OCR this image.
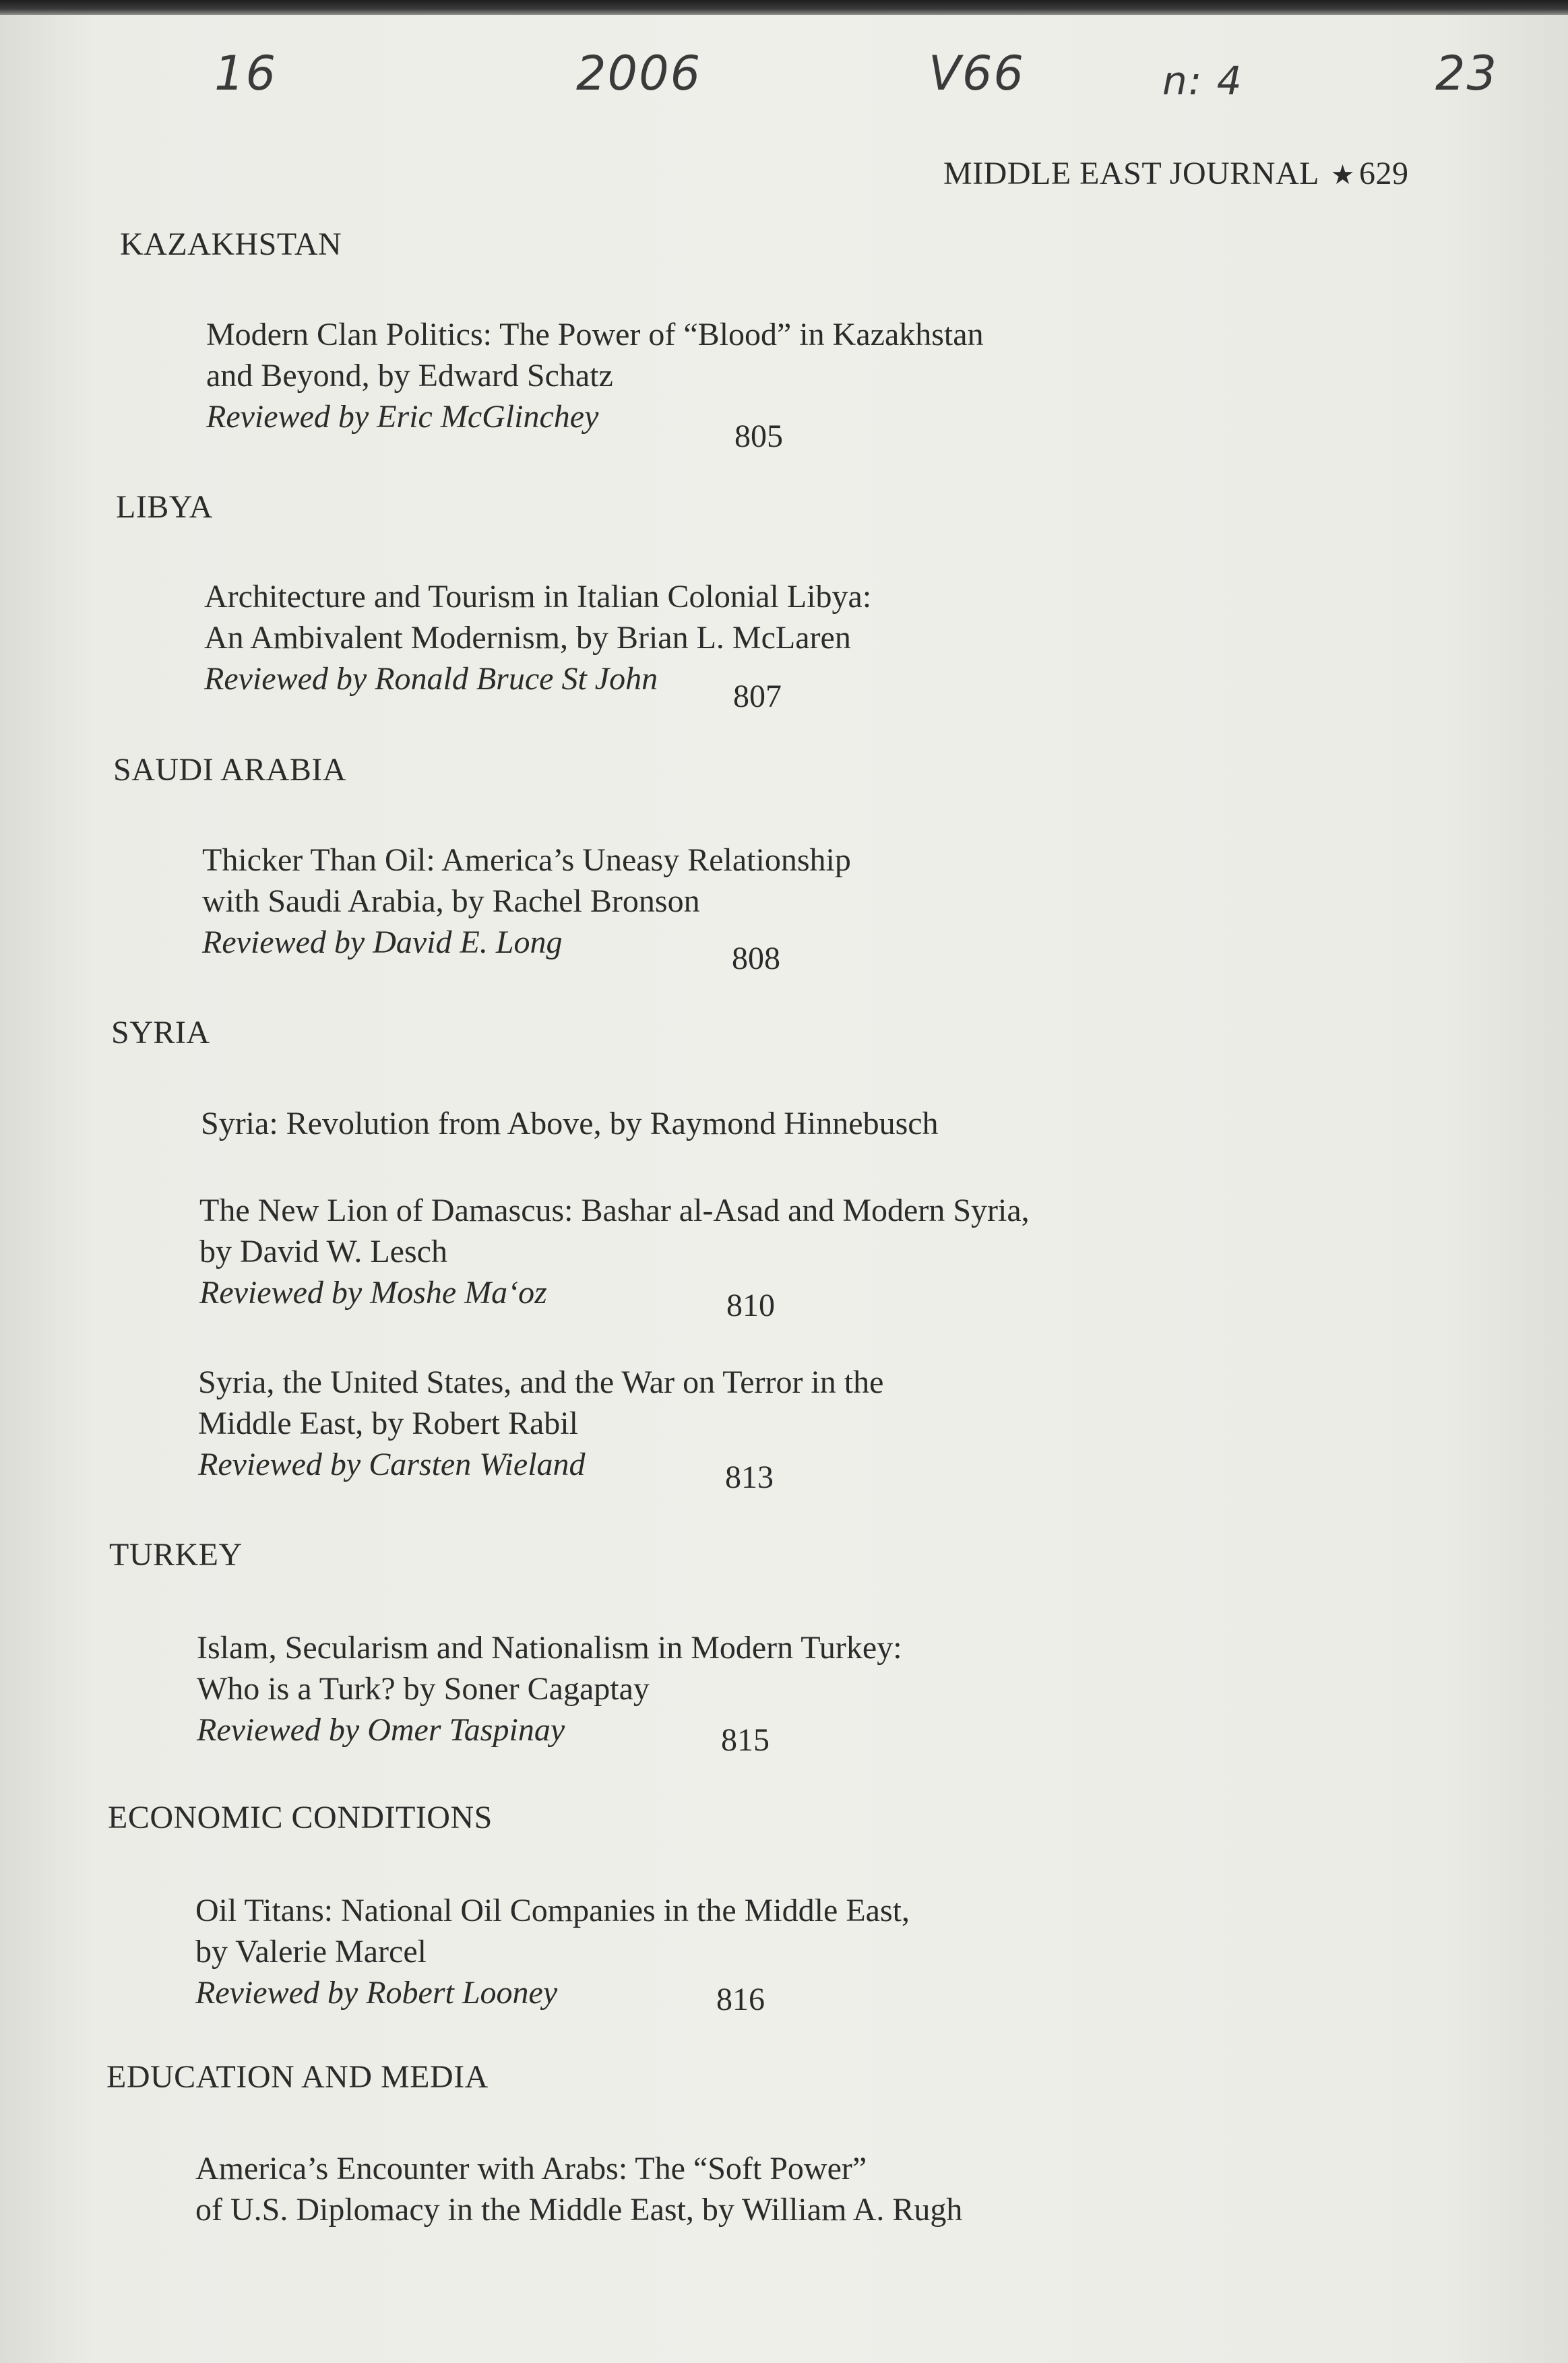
16	2006	V66	n: 4	23
MIDDLE EAST JOURNAL ★ 629
KAZAKHSTAN
Modern Clan Politics: The Power of “Blood” in Kazakhstan
and Beyond, by Edward Schatz
Reviewed by Eric McGlinchey
805
LIBYA
Architecture and Tourism in Italian Colonial Libya:
An Ambivalent Modernism, by Brian L. McLaren
Reviewed by Ronald Bruce St John	807
SAUDI ARABIA
Thicker Than Oil: America’s Uneasy Relationship
with Saudi Arabia, by Rachel Bronson
Reviewed by David E. Long	808
SYRIA
Syria: Revolution from Above, by Raymond Hinnebusch
The New Lion of Damascus: Bashar al-Asad and Modern Syria,
by David W. Lesch
Reviewed by Moshe Ma‘oz	810
Syria, the United States, and the War on Terror in the
Middle East, by Robert Rabil
Reviewed by Carsten Wieland	813
TURKEY
Islam, Secularism and Nationalism in Modern Turkey:
Who is a Turk? by Soner Cagaptay
Reviewed by Omer Taspinay	815
ECONOMIC CONDITIONS
Oil Titans: National Oil Companies in the Middle East,
by Valerie Marcel
Reviewed by Robert Looney	816
EDUCATION AND MEDIA
America’s Encounter with Arabs: The “Soft Power”
of U.S. Diplomacy in the Middle East, by William A. Rugh
